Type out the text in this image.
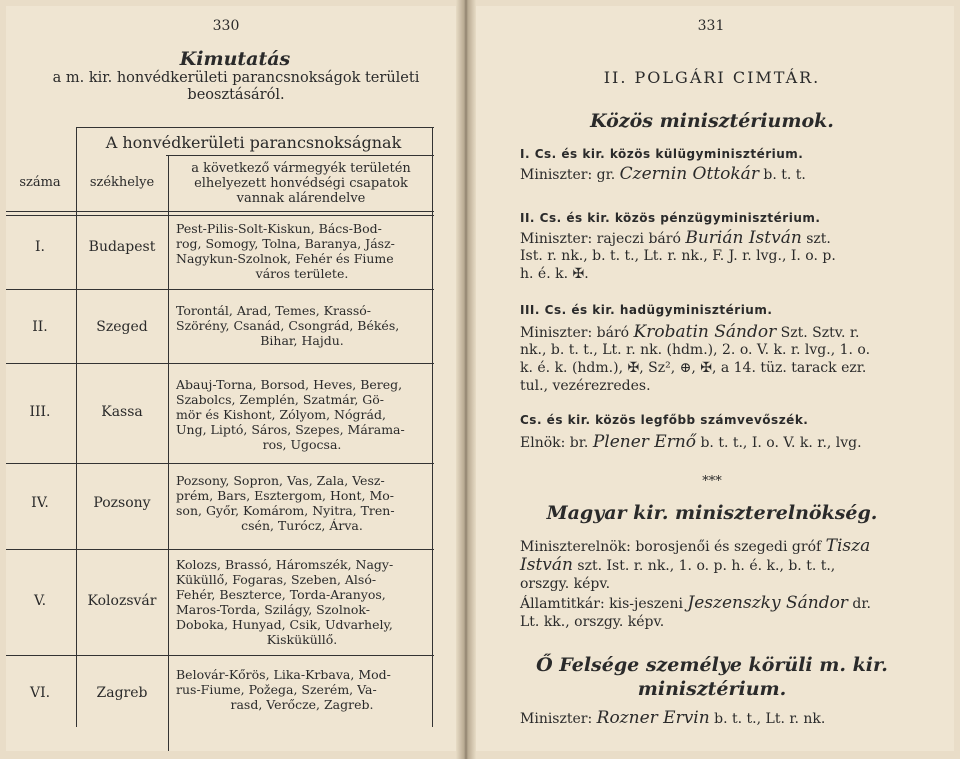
330
Kimutatás
a m. kir. honvédkerületi parancsnokságok területi
beosztásáról.
A honvédkerületi parancsnokságnak
száma	székhelye
a következő vármegyék területén
elhelyezett honvédségi csapatok
vannak alárendelve
I.	Budapest
Pest-Pilis-Solt-Kiskun, Bács-Bod-
rog, Somogy, Tolna, Baranya, Jász-
Nagykun-Szolnok, Fehér és Fiume
város területe.
II.	Szeged
Torontál, Arad, Temes, Krassó-
Szörény, Csanád, Csongrád, Békés,
Bihar, Hajdu.
III.	Kassa
Abauj-Torna, Borsod, Heves, Bereg,
Szabolcs, Zemplén, Szatmár, Gö-
mör és Kishont, Zólyom, Nógrád,
Ung, Liptó, Sáros, Szepes, Márama-
ros, Ugocsa.
IV.	Pozsony
Pozsony, Sopron, Vas, Zala, Vesz-
prém, Bars, Esztergom, Hont, Mo-
son, Győr, Komárom, Nyitra, Tren-
csén, Turócz, Árva.
V.	Kolozsvár
Kolozs, Brassó, Háromszék, Nagy-
Küküllő, Fogaras, Szeben, Alsó-
Fehér, Beszterce, Torda-Aranyos,
Maros-Torda, Szilágy, Szolnok-
Doboka, Hunyad, Csik, Udvarhely,
Kisküküllő.
VI.	Zagreb
Belovár-Kőrös, Lika-Krbava, Mod-
rus-Fiume, Požega, Szerém, Va-
rasd, Verőcze, Zagreb.
331
II. POLGÁRI CIMTÁR.
Közös minisztériumok.
I. Cs. és kir. közös külügyminisztérium.
Miniszter: gr. Czernin Ottokár b. t. t.
II. Cs. és kir. közös pénzügyminisztérium.
Miniszter: rajeczi báró Burián István szt.
Ist. r. nk., b. t. t., Lt. r. nk., F. J. r. lvg., I. o. p.
h. é. k. ✠.
III. Cs. és kir. hadügyminisztérium.
Miniszter: báró Krobatin Sándor Szt. Sztv. r.
nk., b. t. t., Lt. r. nk. (hdm.), 2. o. V. k. r. lvg., 1. o.
k. é. k. (hdm.), ✠, Sz², ⊕, ✠, a 14. tüz. tarack ezr.
tul., vezérezredes.
Cs. és kir. közös legfőbb számvevőszék.
Elnök: br. Plener Ernő b. t. t., I. o. V. k. r., lvg.
***
Magyar kir. miniszterelnökség.
Miniszterelnök: borosjenői és szegedi gróf Tisza
István szt. Ist. r. nk., 1. o. p. h. é. k., b. t. t.,
orszgy. képv.
Államtitkár: kis-jeszeni Jeszenszky Sándor dr.
Lt. kk., orszgy. képv.
Ő Felsége személye körüli m. kir.
minisztérium.
Miniszter: Rozner Ervin b. t. t., Lt. r. nk.
